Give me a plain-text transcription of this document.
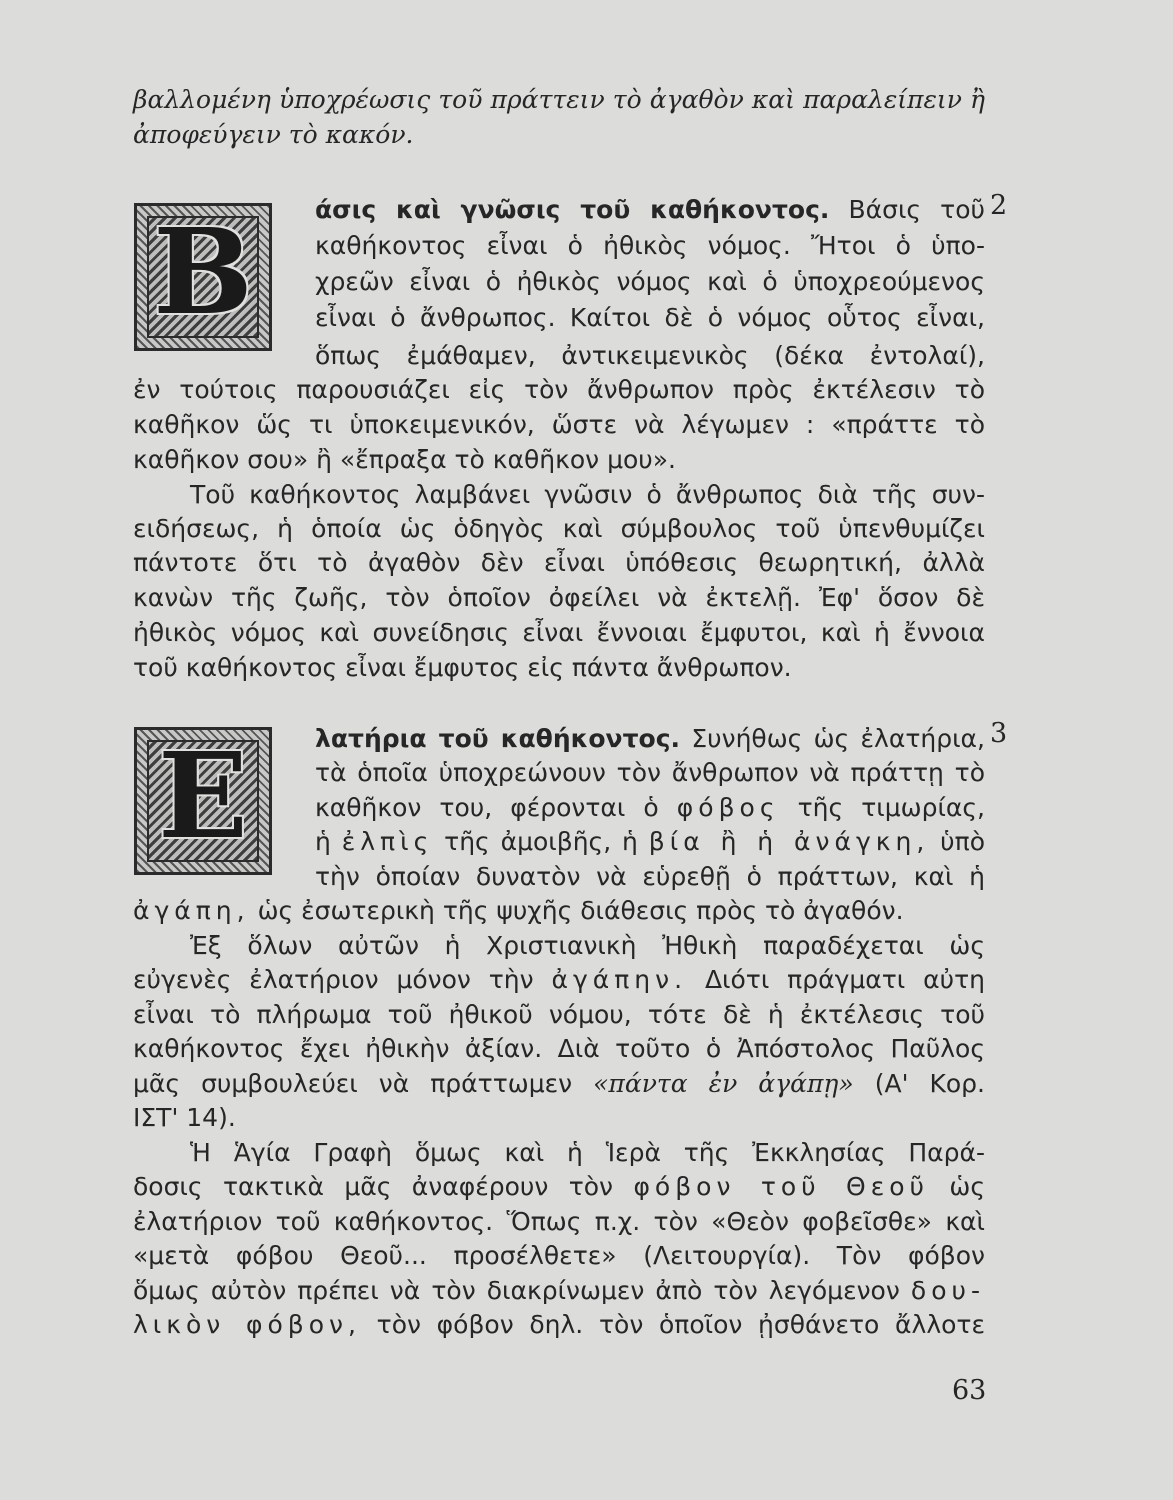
βαλλομένη ὑποχρέωσις τοῦ πράττειν τὸ ἀγαθὸν καὶ παραλείπειν ἢ
ἀποφεύγειν τὸ κακόν.
B	2
άσις καὶ γνῶσις τοῦ καθήκοντος. Βάσις τοῦ
καθήκοντος εἶναι ὁ ἠθικὸς νόμος. Ἤτοι ὁ ὑπο-
χρεῶν εἶναι ὁ ἠθικὸς νόμος καὶ ὁ ὑποχρεούμενος
εἶναι ὁ ἄνθρωπος. Καίτοι δὲ ὁ νόμος οὗτος εἶναι,
ὅπως ἐμάθαμεν, ἀντικειμενικὸς (δέκα ἐντολαί),
ἐν τούτοις παρουσιάζει εἰς τὸν ἄνθρωπον πρὸς ἐκτέλεσιν τὸ
καθῆκον ὥς τι ὑποκειμενικόν, ὥστε νὰ λέγωμεν : «πράττε τὸ
καθῆκον σου» ἢ «ἔπραξα τὸ καθῆκον μου».
Τοῦ καθήκοντος λαμβάνει γνῶσιν ὁ ἄνθρωπος διὰ τῆς συν-
ειδήσεως, ἡ ὁποία ὡς ὁδηγὸς καὶ σύμβουλος τοῦ ὑπενθυμίζει
πάντοτε ὅτι τὸ ἀγαθὸν δὲν εἶναι ὑπόθεσις θεωρητική, ἀλλὰ
κανὼν τῆς ζωῆς, τὸν ὁποῖον ὀφείλει νὰ ἐκτελῇ. Ἐφ' ὅσον δὲ
ἠθικὸς νόμος καὶ συνείδησις εἶναι ἔννοιαι ἔμφυτοι, καὶ ἡ ἔννοια
τοῦ καθήκοντος εἶναι ἔμφυτος εἰς πάντα ἄνθρωπον.
E	3
λατήρια τοῦ καθήκοντος. Συνήθως ὡς ἐλατήρια,
τὰ ὁποῖα ὑποχρεώνουν τὸν ἄνθρωπον νὰ πράττῃ τὸ
καθῆκον του, φέρονται ὁ φόβος τῆς τιμωρίας,
ἡ ἐλπὶς τῆς ἀμοιβῆς, ἡ βία ἢ ἡ ἀνάγκη, ὑπὸ
τὴν ὁποίαν δυνατὸν νὰ εὑρεθῇ ὁ πράττων, καὶ ἡ
ἀγάπη, ὡς ἐσωτερικὴ τῆς ψυχῆς διάθεσις πρὸς τὸ ἀγαθόν.
Ἐξ ὅλων αὐτῶν ἡ Χριστιανικὴ Ἠθικὴ παραδέχεται ὡς
εὐγενὲς ἐλατήριον μόνον τὴν ἀγάπην. Διότι πράγματι αὐτη
εἶναι τὸ πλήρωμα τοῦ ἠθικοῦ νόμου, τότε δὲ ἡ ἐκτέλεσις τοῦ
καθήκοντος ἔχει ἠθικὴν ἀξίαν. Διὰ τοῦτο ὁ Ἀπόστολος Παῦλος
μᾶς συμβουλεύει νὰ πράττωμεν «πάντα ἐν ἀγάπῃ» (Α' Κορ.
ΙΣΤ' 14).
Ἡ Ἁγία Γραφὴ ὅμως καὶ ἡ Ἱερὰ τῆς Ἐκκλησίας Παρά-
δοσις τακτικὰ μᾶς ἀναφέρουν τὸν φόβον τοῦ Θεοῦ ὡς
ἐλατήριον τοῦ καθήκοντος. Ὅπως π.χ. τὸν «Θεὸν φοβεῖσθε» καὶ
«μετὰ φόβου Θεοῦ... προσέλθετε» (Λειτουργία). Τὸν φόβον
ὅμως αὐτὸν πρέπει νὰ τὸν διακρίνωμεν ἀπὸ τὸν λεγόμενον δου-
λικὸν φόβον, τὸν φόβον δηλ. τὸν ὁποῖον ᾐσθάνετο ἄλλοτε
63
